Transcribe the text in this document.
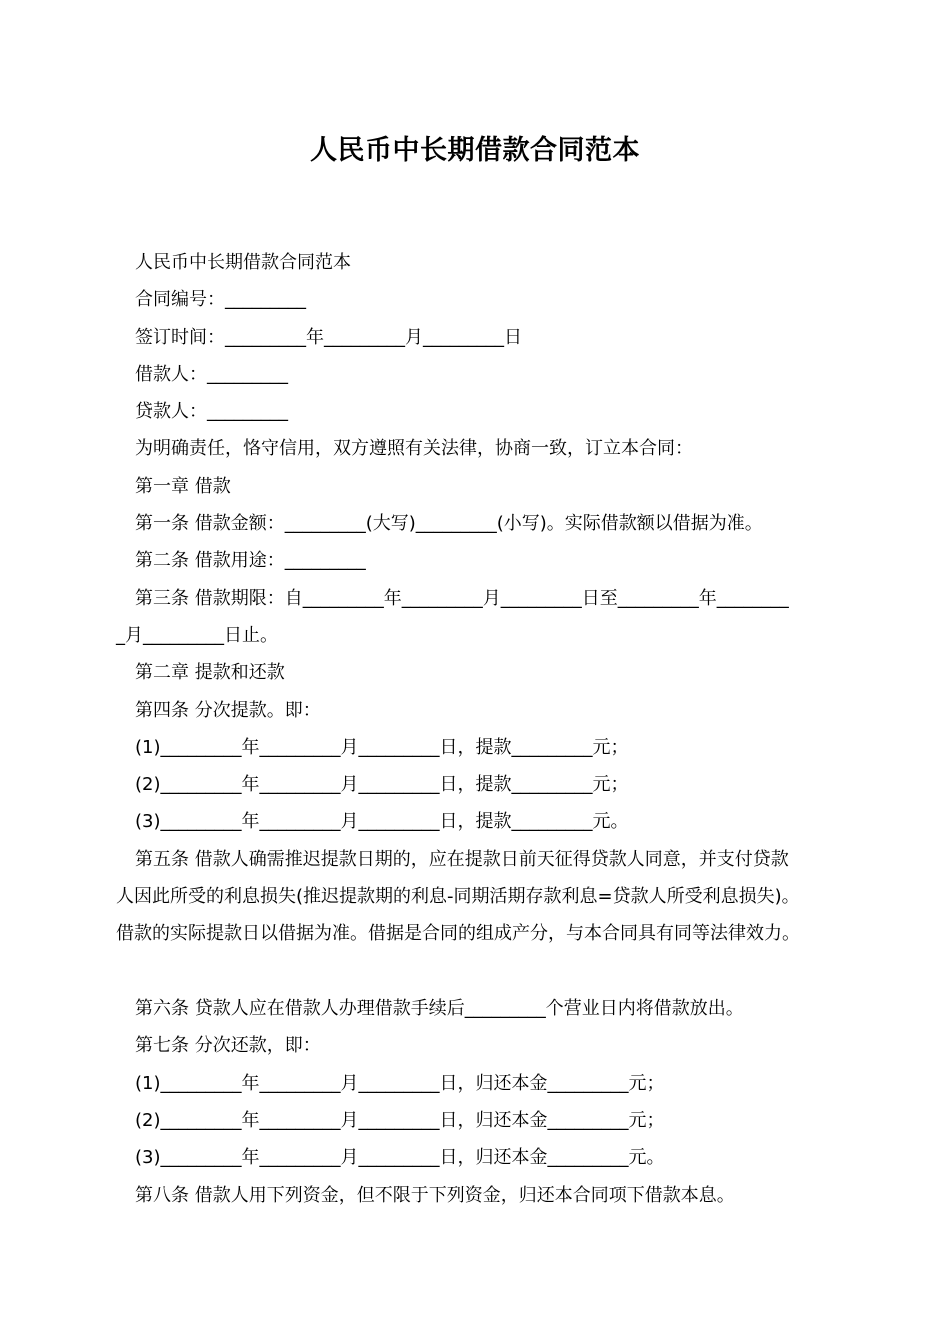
人民币中长期借款合同范本
人民币中长期借款合同范本
合同编号：_________
签订时间：_________年_________月_________日
借款人：_________
贷款人：_________
为明确责任，恪守信用，双方遵照有关法律，协商一致，订立本合同：
第一章 借款
第一条 借款金额：_________(大写)_________(小写)。实际借款额以借据为准。
第二条 借款用途：_________
第三条 借款期限：自_________年_________月_________日至_________年________
_月_________日止。
第二章 提款和还款
第四条 分次提款。即：
(1)_________年_________月_________日，提款_________元；
(2)_________年_________月_________日，提款_________元；
(3)_________年_________月_________日，提款_________元。
第五条 借款人确需推迟提款日期的，应在提款日前天征得贷款人同意，并支付贷款
人因此所受的利息损失(推迟提款期的利息-同期活期存款利息=贷款人所受利息损失)。
借款的实际提款日以借据为准。借据是合同的组成产分，与本合同具有同等法律效力。
第六条 贷款人应在借款人办理借款手续后_________个营业日内将借款放出。
第七条 分次还款，即：
(1)_________年_________月_________日，归还本金_________元；
(2)_________年_________月_________日，归还本金_________元；
(3)_________年_________月_________日，归还本金_________元。
第八条 借款人用下列资金，但不限于下列资金，归还本合同项下借款本息。
